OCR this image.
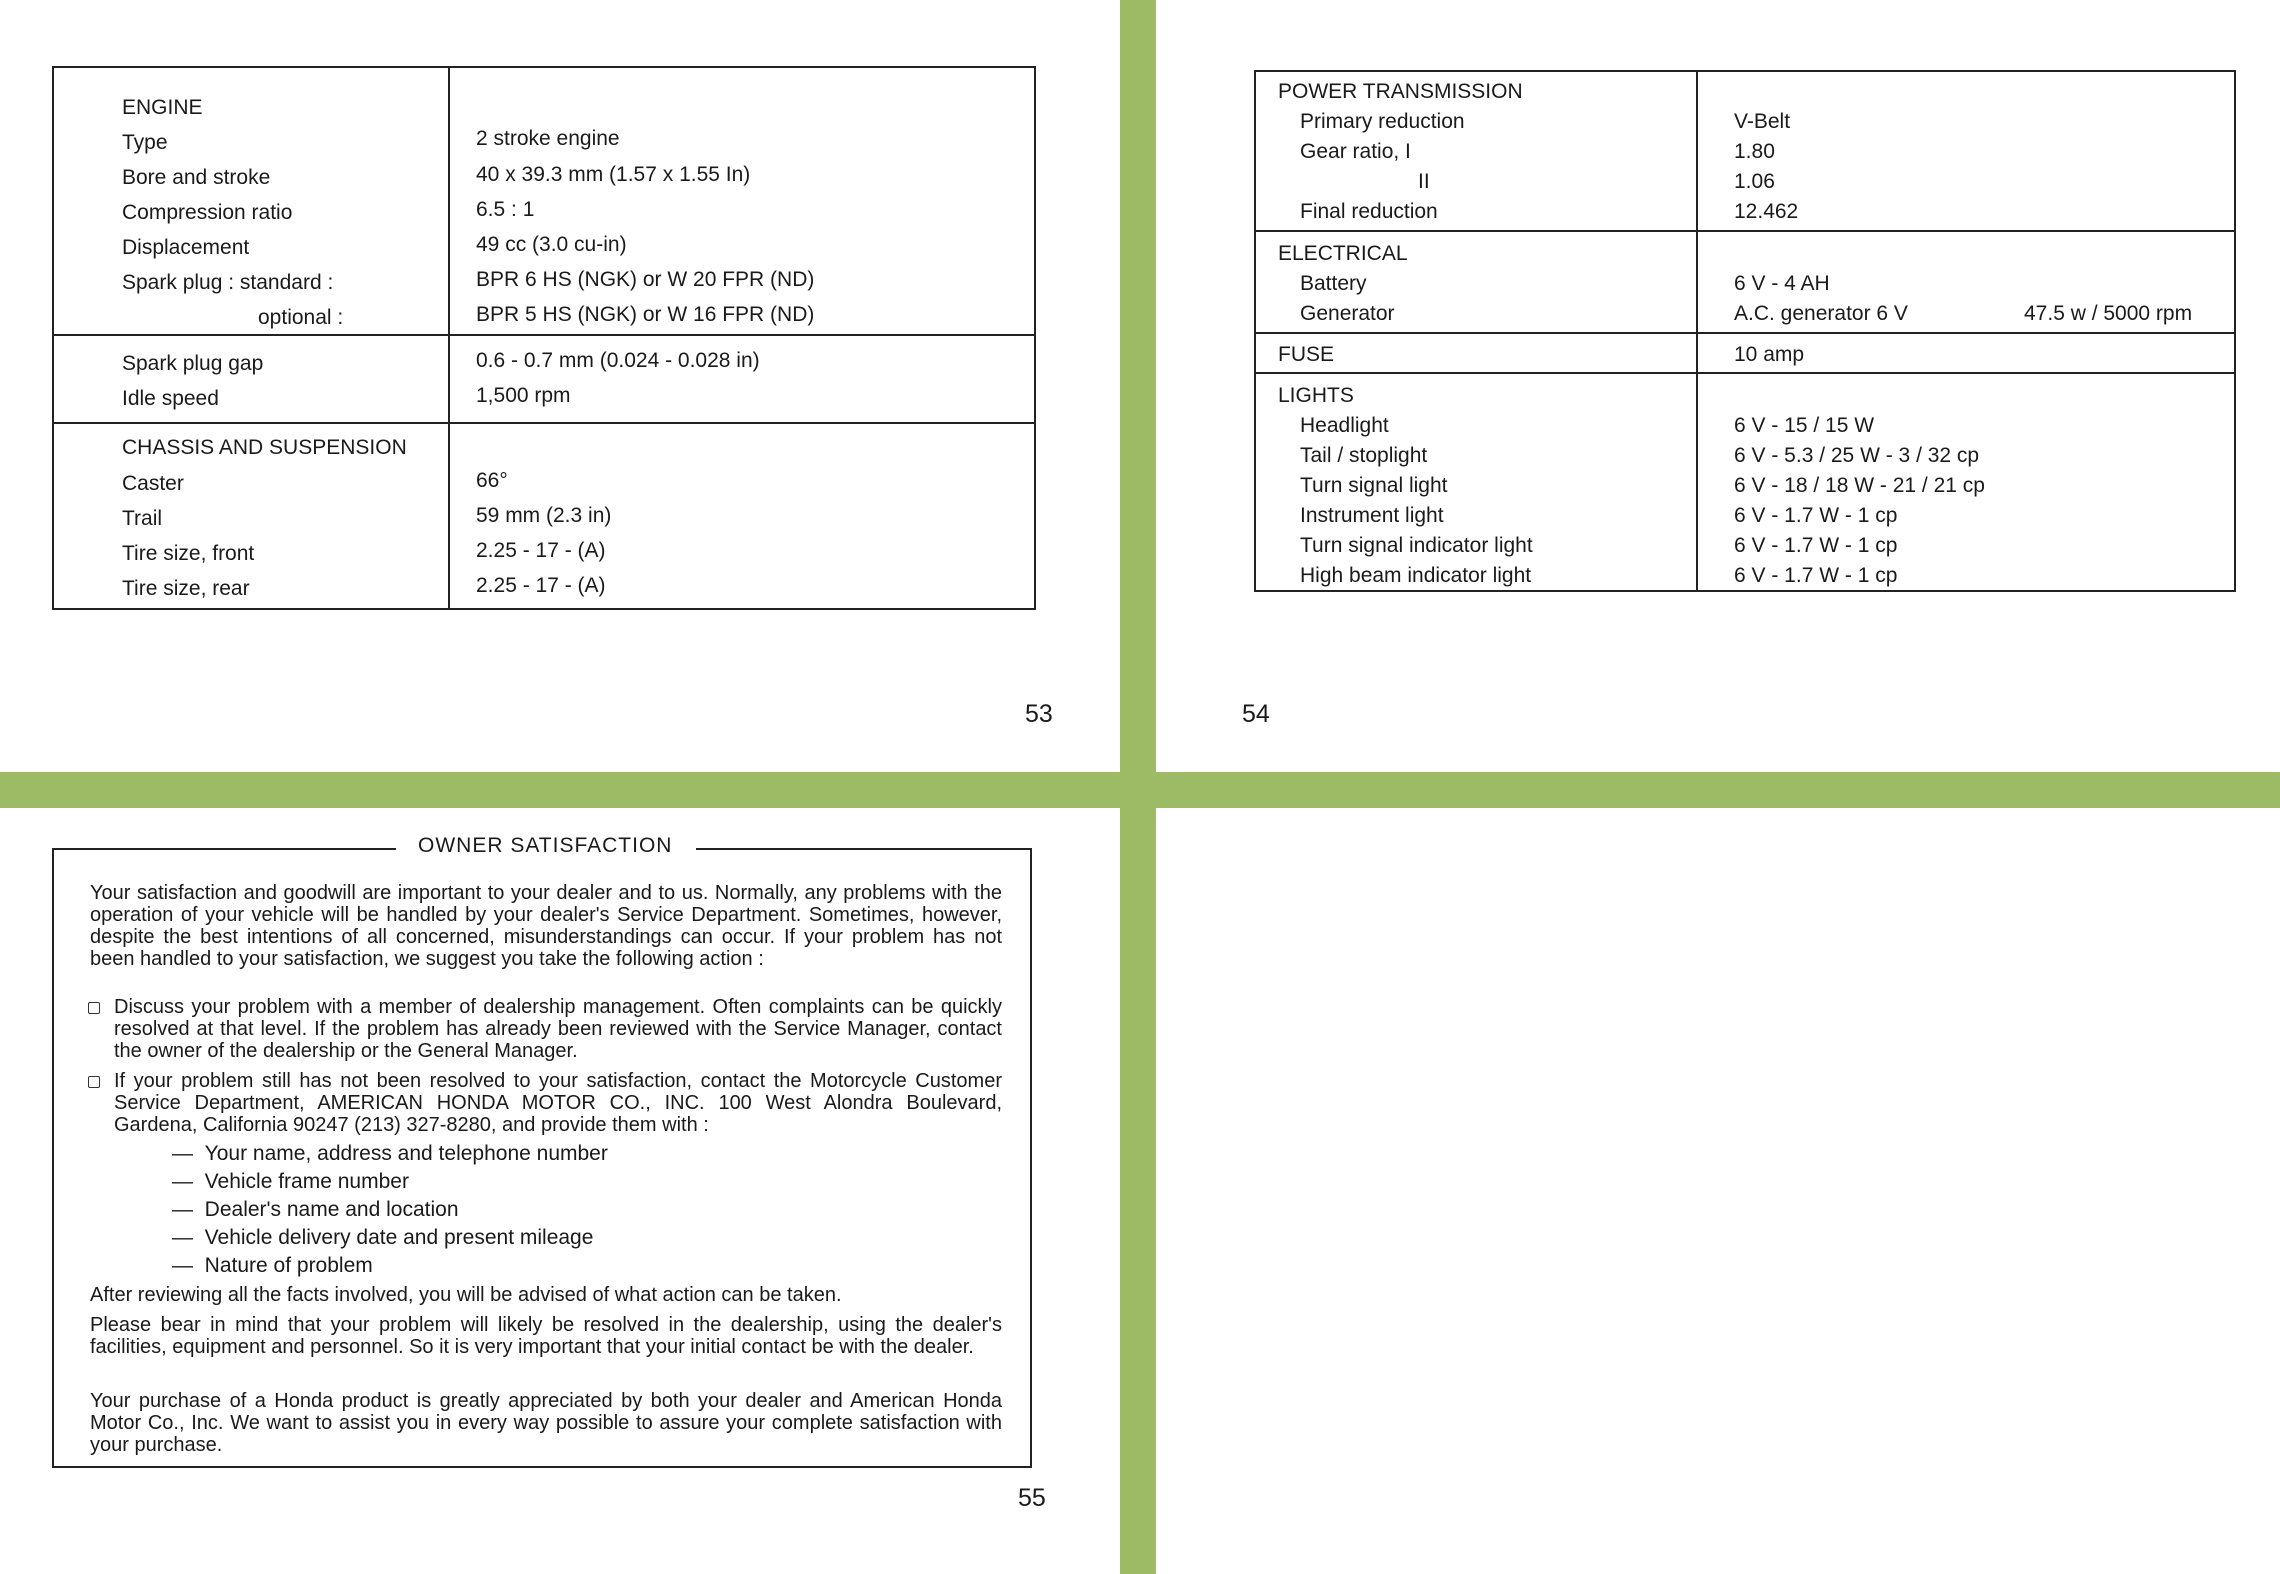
ENGINE
Type	2 stroke engine
Bore and stroke	40 x 39.3 mm (1.57 x 1.55 In)
Compression ratio	6.5 : 1
Displacement	49 cc (3.0 cu-in)
Spark plug : standard :	BPR 6 HS (NGK) or W 20 FPR (ND)
optional :	BPR 5 HS (NGK) or W 16 FPR (ND)
Spark plug gap	0.6 - 0.7 mm (0.024 - 0.028 in)
Idle speed	1,500 rpm
CHASSIS AND SUSPENSION
Caster	66°
Trail	59 mm (2.3 in)
Tire size, front	2.25 - 17 - (A)
Tire size, rear	2.25 - 17 - (A)
53
POWER TRANSMISSION
Primary reduction	V-Belt
Gear ratio, I	1.80
II	1.06
Final reduction	12.462
ELECTRICAL
Battery	6 V - 4 AH
Generator	A.C. generator 6 V	47.5 w / 5000 rpm
FUSE	10 amp
LIGHTS
Headlight	6 V - 15 / 15 W
Tail / stoplight	6 V - 5.3 / 25 W - 3 / 32 cp
Turn signal light	6 V - 18 / 18 W - 21 / 21 cp
Instrument light	6 V - 1.7 W - 1 cp
Turn signal indicator light	6 V - 1.7 W - 1 cp
High beam indicator light	6 V - 1.7 W - 1 cp
54
OWNER SATISFACTION
Your satisfaction and goodwill are important to your dealer and to us. Normally, any problems with the operation of your vehicle will be handled by your dealer's Service Department. Sometimes, however, despite the best intentions of all concerned, misunderstandings can occur. If your problem has not been handled to your satisfaction, we suggest you take the following action :
Discuss your problem with a member of dealership management. Often complaints can be quickly resolved at that level. If the problem has already been reviewed with the Service Manager, contact the owner of the dealership or the General Manager.
If your problem still has not been resolved to your satisfaction, contact the Motorcycle Customer Service Department, AMERICAN HONDA MOTOR CO., INC. 100 West Alondra Boulevard, Gardena, California 90247 (213) 327-8280, and provide them with :
—  Your name, address and telephone number
—  Vehicle frame number
—  Dealer's name and location
—  Vehicle delivery date and present mileage
—  Nature of problem
After reviewing all the facts involved, you will be advised of what action can be taken.
Please bear in mind that your problem will likely be resolved in the dealership, using the dealer's facilities, equipment and personnel. So it is very important that your initial contact be with the dealer.
Your purchase of a Honda product is greatly appreciated by both your dealer and American Honda Motor Co., Inc. We want to assist you in every way possible to assure your complete satisfaction with your purchase.
55
